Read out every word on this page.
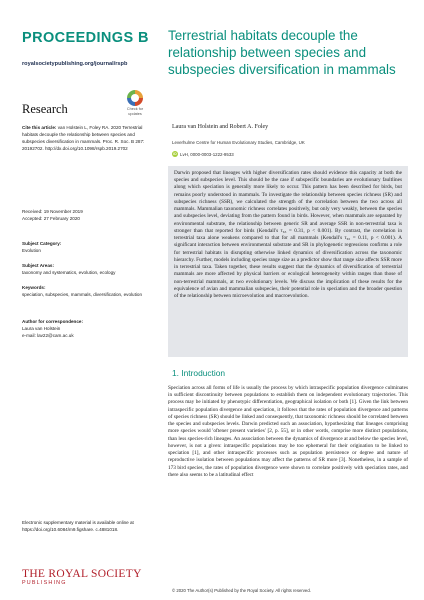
PROCEEDINGS B
royalsocietypublishing.org/journal/rspb
Check for updates
Research
Cite this article: van Holstein L, Foley RA. 2020 Terrestrial habitats decouple the relationship between species and subspecies diversification in mammals. Proc. R. Soc. B 287: 20192702. http://dx.doi.org/10.1098/rspb.2019.2702
Received: 19 November 2019
Accepted: 27 February 2020
Subject Category:
Evolution
Subject Areas:
taxonomy and systematics, evolution, ecology
Keywords:
speciation, subspecies, mammals, diversification, evolution
Author for correspondence:
Laura van Holstein
e-mail: lav22@cam.ac.uk
Electronic supplementary material is available online at https://doi.org/10.6084/m9.figshare. c.4881018.
THE ROYAL SOCIETY
PUBLISHING
Terrestrial habitats decouple the relationship between species and subspecies diversification in mammals
Laura van Holstein and Robert A. Foley
Leverhulme Centre for Human Evolutionary Studies, Cambridge, UK
iD LvH, 0000-0003-1222-9533
Darwin proposed that lineages with higher diversification rates should evidence this capacity at both the species and subspecies level. This should be the case if subspecific boundaries are evolutionary faultlines along which speciation is generally more likely to occur. This pattern has been described for birds, but remains poorly understood in mammals. To investigate the relationship between species richness (SR) and subspecies richness (SSR), we calculated the strength of the correlation between the two across all mammals. Mammalian taxonomic richness correlates positively, but only very weakly, between the species and subspecies level, deviating from the pattern found in birds. However, when mammals are separated by environmental substrate, the relationship between generic SR and average SSR in non-terrestrial taxa is stronger than that reported for birds (Kendall's τ₆₅ = 0.31, p < 0.001). By contrast, the correlation in terrestrial taxa alone weakens compared to that for all mammals (Kendall's τ₆₅ = 0.11, p < 0.001). A significant interaction between environmental substrate and SR in phylogenetic regressions confirms a role for terrestrial habitats in disrupting otherwise linked dynamics of diversification across the taxonomic hierarchy. Further, models including species range size as a predictor show that range size affects SSR more in terrestrial taxa. Taken together, these results suggest that the dynamics of diversification of terrestrial mammals are more affected by physical barriers or ecological heterogeneity within ranges than those of non-terrestrial mammals, at two evolutionary levels. We discuss the implication of these results for the equivalence of avian and mammalian subspecies, their potential role in speciation and the broader question of the relationship between microevolution and macroevolution.
1. Introduction
Speciation across all forms of life is usually the process by which intraspecific population divergence culminates in sufficient discontinuity between populations to establish them on independent evolutionary trajectories. This process may be initiated by phenotypic differentiation, geographical isolation or both [1]. Given the link between intraspecific population divergence and speciation, it follows that the rates of population divergence and patterns of species richness (SR) should be linked and consequently, that taxonomic richness should be correlated between the species and subspecies levels. Darwin predicted such an association, hypothesizing that lineages comprising more species would 'oftener present varieties' [2, p. 55], or in other words, comprise more distinct populations, than less species-rich lineages. An association between the dynamics of divergence at and below the species level, however, is not a given: intraspecific populations may be too ephemeral for their origination to be linked to speciation [1], and other intraspecific processes such as population persistence or degree and nature of reproductive isolation between populations may affect the patterns of SR more [3]. Nonetheless, in a sample of 173 bird species, the rates of population divergence were shown to correlate positively with speciation rates, and there also seems to be a latitudinal effect
© 2020 The Author(s) Published by the Royal Society. All rights reserved.
